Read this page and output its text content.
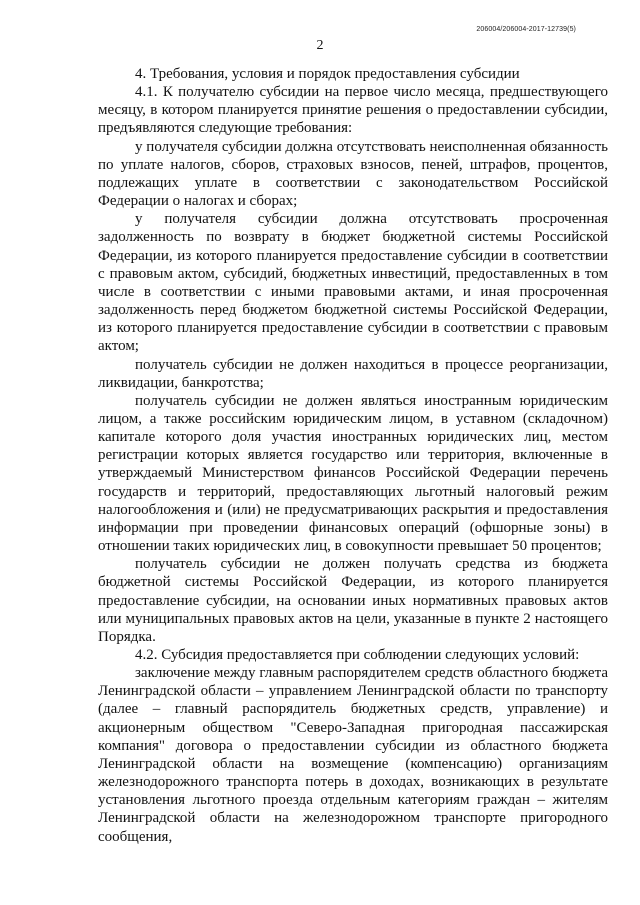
206004/206004-2017-12739(5)
2

4. Требования, условия и порядок предоставления субсидии

4.1. К получателю субсидии на первое число месяца, предшествующего месяцу, в котором планируется принятие решения о предоставлении субсидии, предъявляются следующие требования:

у получателя субсидии должна отсутствовать неисполненная обязанность по уплате налогов, сборов, страховых взносов, пеней, штрафов, процентов, подлежащих уплате в соответствии с законодательством Российской Федерации о налогах и сборах;

у получателя субсидии должна отсутствовать просроченная задолженность по возврату в бюджет бюджетной системы Российской Федерации, из которого планируется предоставление субсидии в соответствии с правовым актом, субсидий, бюджетных инвестиций, предоставленных в том числе в соответствии с иными правовыми актами, и иная просроченная задолженность перед бюджетом бюджетной системы Российской Федерации, из которого планируется предоставление субсидии в соответствии с правовым актом;

получатель субсидии не должен находиться в процессе реорганизации, ликвидации, банкротства;

получатель субсидии не должен являться иностранным юридическим лицом, а также российским юридическим лицом, в уставном (складочном) капитале которого доля участия иностранных юридических лиц, местом регистрации которых является государство или территория, включенные в утверждаемый Министерством финансов Российской Федерации перечень государств и территорий, предоставляющих льготный налоговый режим налогообложения и (или) не предусматривающих раскрытия и предоставления информации при проведении финансовых операций (офшорные зоны) в отношении таких юридических лиц, в совокупности превышает 50 процентов;

получатель субсидии не должен получать средства из бюджета бюджетной системы Российской Федерации, из которого планируется предоставление субсидии, на основании иных нормативных правовых актов или муниципальных правовых актов на цели, указанные в пункте 2 настоящего Порядка.

4.2. Субсидия предоставляется при соблюдении следующих условий:

заключение между главным распорядителем средств областного бюджета Ленинградской области – управлением Ленинградской области по транспорту (далее – главный распорядитель бюджетных средств, управление) и акционерным обществом "Северо-Западная пригородная пассажирская компания" договора о предоставлении субсидии из областного бюджета Ленинградской области на возмещение (компенсацию) организациям железнодорожного транспорта потерь в доходах, возникающих в результате установления льготного проезда отдельным категориям граждан – жителям Ленинградской области на железнодорожном транспорте пригородного сообщения,
